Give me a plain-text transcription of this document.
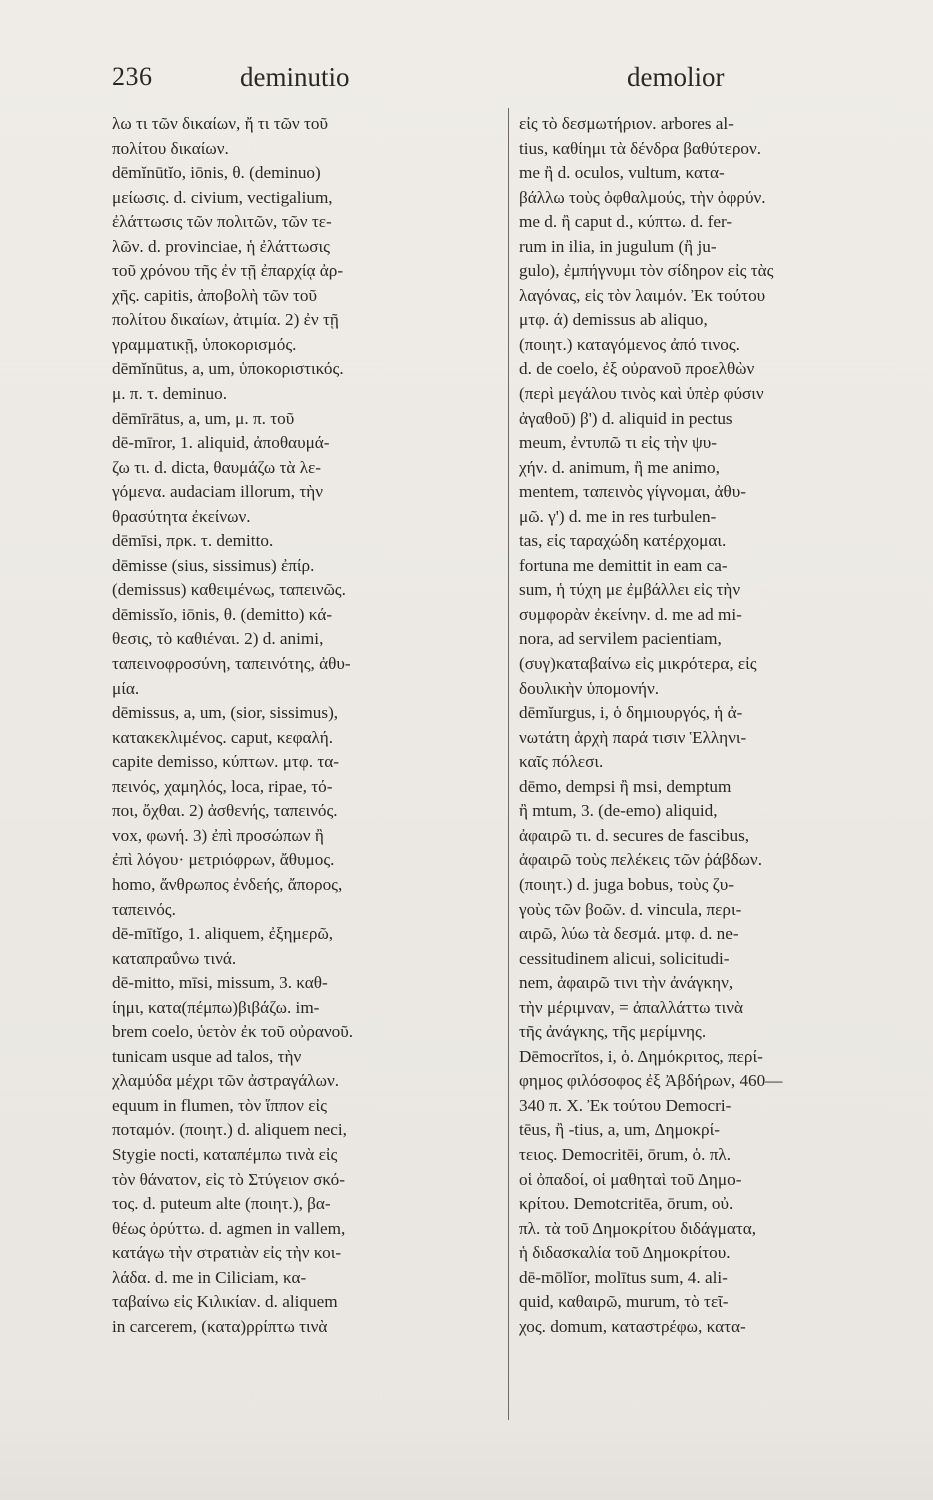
236	deminutio	demolior
λω τι τῶν δικαίων, ἤ τι τῶν τοῦ
πολίτου δικαίων.
dēmĭnūtĭo, iōnis, θ. (deminuo)
μείωσις. d. civium, vectigalium,
ἐλάττωσις τῶν πολιτῶν, τῶν τε-
λῶν. d. provinciae, ἡ ἐλάττωσις
τοῦ χρόνου τῆς ἐν τῇ ἐπαρχίᾳ ἀρ-
χῆς. capitis, ἀποβολὴ τῶν τοῦ
πολίτου δικαίων, ἀτιμία. 2) ἐν τῇ
γραμματικῇ, ὑποκορισμός.
dēmĭnūtus, a, um, ὑποκοριστικός.
μ. π. τ. deminuo.
dēmīrātus, a, um, μ. π. τοῦ
dē-mīror, 1. aliquid, ἀποθαυμά-
ζω τι. d. dicta, θαυμάζω τὰ λε-
γόμενα. audaciam illorum, τὴν
θρασύτητα ἐκείνων.
dēmīsi, πρκ. τ. demitto.
dēmisse (sius, sissimus) ἐπίρ.
(demissus) καθειμένως, ταπεινῶς.
dēmissĭo, iōnis, θ. (demitto) κά-
θεσις, τὸ καθιέναι. 2) d. animi,
ταπεινοφροσύνη, ταπεινότης, ἀθυ-
μία.
dēmissus, a, um, (sior, sissimus),
κατακεκλιμένος. caput, κεφαλή.
capite demisso, κύπτων. μτφ. τα-
πεινός, χαμηλός, loca, ripae, τό-
ποι, ὄχθαι. 2) ἀσθενής, ταπεινός.
vox, φωνή. 3) ἐπὶ προσώπων ἢ
ἐπὶ λόγου· μετριόφρων, ἄθυμος.
homo, ἄνθρωπος ἐνδεής, ἄπορος,
ταπεινός.
dē-mītĭgo, 1. aliquem, ἐξημερῶ,
καταπραΰνω τινά.
dē-mitto, mīsi, missum, 3. καθ-
ίημι, κατα(πέμπω)βιβάζω. im-
brem coelo, ὑετὸν ἐκ τοῦ οὐρανοῦ.
tunicam usque ad talos, τὴν
χλαμύδα μέχρι τῶν ἀστραγάλων.
equum in flumen, τὸν ἵππον εἰς
ποταμόν. (ποιητ.) d. aliquem neci,
Stygie nocti, καταπέμπω τινὰ εἰς
τὸν θάνατον, εἰς τὸ Στύγειον σκό-
τος. d. puteum alte (ποιητ.), βα-
θέως ὀρύττω. d. agmen in vallem,
κατάγω τὴν στρατιὰν εἰς τὴν κοι-
λάδα. d. me in Ciliciam, κα-
ταβαίνω εἰς Κιλικίαν. d. aliquem
in carcerem, (κατα)ρρίπτω τινὰ
εἰς τὸ δεσμωτήριον. arbores al-
tius, καθίημι τὰ δένδρα βαθύτερον.
me ἢ d. oculos, vultum, κατα-
βάλλω τοὺς ὀφθαλμούς, τὴν ὀφρύν.
me d. ἢ caput d., κύπτω. d. fer-
rum in ilia, in jugulum (ἢ ju-
gulo), ἐμπήγνυμι τὸν σίδηρον εἰς τὰς
λαγόνας, εἰς τὸν λαιμόν. Ἐκ τούτου
μτφ. ά) demissus ab aliquo,
(ποιητ.) καταγόμενος ἀπό τινος.
d. de coelo, ἐξ οὐρανοῦ προελθὼν
(περὶ μεγάλου τινὸς καὶ ὑπὲρ φύσιν
ἀγαθοῦ) β') d. aliquid in pectus
meum, ἐντυπῶ τι εἰς τὴν ψυ-
χήν. d. animum, ἢ me animo,
mentem, ταπεινὸς γίγνομαι, ἀθυ-
μῶ. γ') d. me in res turbulen-
tas, εἰς ταραχώδη κατέρχομαι.
fortuna me demittit in eam ca-
sum, ἡ τύχη με ἐμβάλλει εἰς τὴν
συμφορὰν ἐκείνην. d. me ad mi-
nora, ad servilem pacientiam,
(συγ)καταβαίνω εἰς μικρότερα, εἰς
δουλικὴν ὑπομονήν.
dēmĭurgus, i, ὁ δημιουργός, ἡ ἀ-
νωτάτη ἀρχὴ παρά τισιν Ἑλληνι-
καῖς πόλεσι.
dēmo, dempsi ἢ msi, demptum
ἢ mtum, 3. (de-emo) aliquid,
ἀφαιρῶ τι. d. secures de fascibus,
ἀφαιρῶ τοὺς πελέκεις τῶν ῥάβδων.
(ποιητ.) d. juga bobus, τοὺς ζυ-
γοὺς τῶν βοῶν. d. vincula, περι-
αιρῶ, λύω τὰ δεσμά. μτφ. d. ne-
cessitudinem alicui, solicitudi-
nem, ἀφαιρῶ τινι τὴν ἀνάγκην,
τὴν μέριμναν, = ἀπαλλάττω τινὰ
τῆς ἀνάγκης, τῆς μερίμνης.
Dēmocrĭtos, i, ὁ. Δημόκριτος, περί-
φημος φιλόσοφος ἐξ Ἀβδήρων, 460—
340 π. Χ. Ἐκ τούτου Democri-
tēus, ἢ -tius, a, um, Δημοκρί-
τειος. Democritēi, ōrum, ὁ. πλ.
οἱ ὀπαδοί, οἱ μαθηταὶ τοῦ Δημο-
κρίτου. Demotcritēa, ōrum, οὐ.
πλ. τὰ τοῦ Δημοκρίτου διδάγματα,
ἡ διδασκαλία τοῦ Δημοκρίτου.
dē-mōlĭor, molītus sum, 4. ali-
quid, καθαιρῶ, murum, τὸ τεῖ-
χος. domum, καταστρέφω, κατα-
